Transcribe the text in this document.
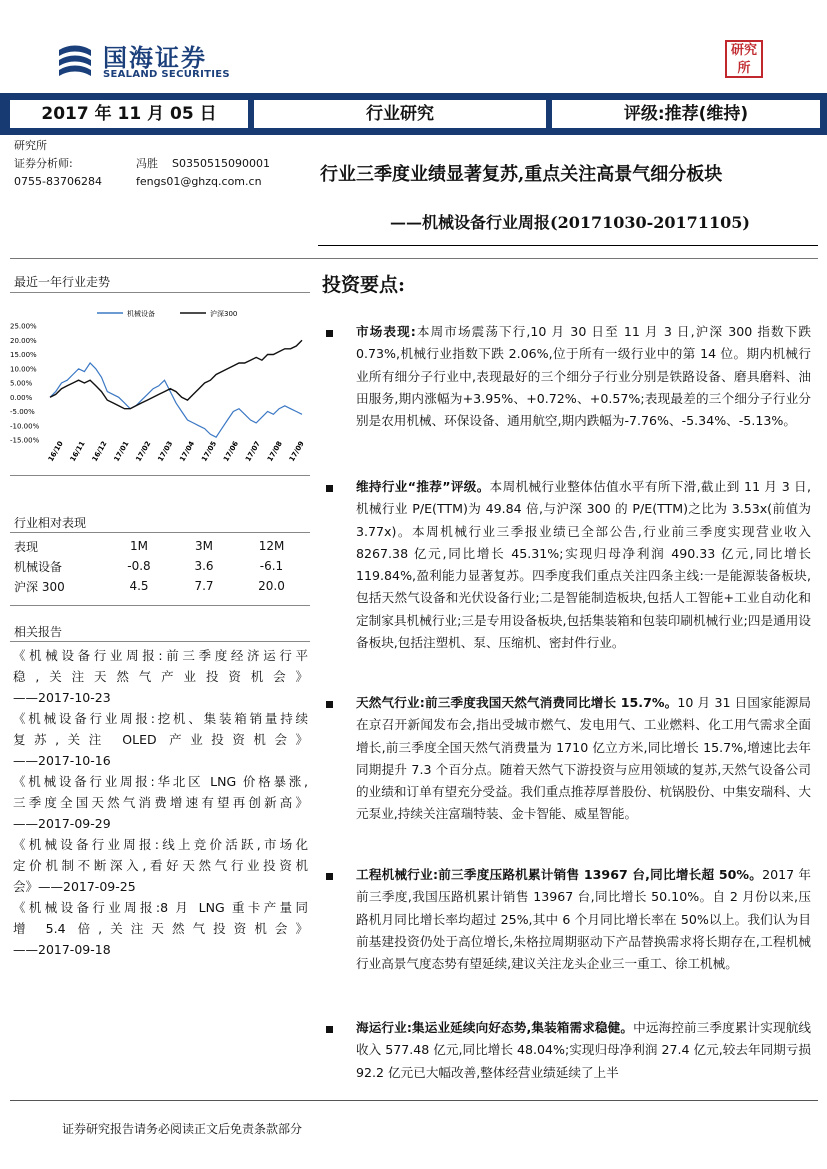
国海证券
SEALAND SECURITIES
研究所
2017 年 11 月 05 日	行业研究	评级:推荐(维持)
研究所
证券分析师:	冯胜 S0350515090001
0755-83706284	fengs01@ghzq.com.cn	行业三季度业绩显著复苏,重点关注高景气细分板块
——机械设备行业周报(20171030-20171105)
最近一年行业走势
机械设备	沪深300
25.00%
20.00%
15.00%
10.00%
5.00%
0.00%
-5.00%
-10.00%
-15.00% 16/10 16/11 16/12 17/01 17/02 17/03 17/04 17/05 17/06 17/07 17/08 17/09
行业相对表现
表现	1M	3M	12M
机械设备	-0.8	3.6	-6.1
沪深 300	4.5	7.7	20.0
相关报告
《机械设备行业周报:前三季度经济运行平
稳,关注天然气产业投资机会》
——2017-10-23
《机械设备行业周报:挖机、集装箱销量持续
复苏,关注 OLED 产业投资机会》
——2017-10-16
《机械设备行业周报:华北区 LNG 价格暴涨,
三季度全国天然气消费增速有望再创新高》
——2017-09-29
《机械设备行业周报:线上竞价活跃,市场化
定价机制不断深入,看好天然气行业投资机
会》——2017-09-25
《机械设备行业周报:8 月 LNG 重卡产量同
增 5.4 倍,关注天然气投资机会》
——2017-09-18
投资要点:
市场表现:本周市场震荡下行,10 月 30 日至 11 月 3 日,沪深 300 指数下跌 0.73%,机械行业指数下跌 2.06%,位于所有一级行业中的第 14 位。期内机械行业所有细分子行业中,表现最好的三个细分子行业分别是铁路设备、磨具磨料、油田服务,期内涨幅为+3.95%、+0.72%、+0.57%;表现最差的三个细分子行业分别是农用机械、环保设备、通用航空,期内跌幅为-7.76%、-5.34%、-5.13%。
维持行业“推荐”评级。本周机械行业整体估值水平有所下滑,截止到 11 月 3 日,机械行业 P/E(TTM)为 49.84 倍,与沪深 300 的 P/E(TTM)之比为 3.53x(前值为 3.77x)。本周机械行业三季报业绩已全部公告,行业前三季度实现营业收入 8267.38 亿元,同比增长 45.31%;实现归母净利润 490.33 亿元,同比增长 119.84%,盈利能力显著复苏。四季度我们重点关注四条主线:一是能源装备板块,包括天然气设备和光伏设备行业;二是智能制造板块,包括人工智能+工业自动化和定制家具机械行业;三是专用设备板块,包括集装箱和包装印刷机械行业;四是通用设备板块,包括注塑机、泵、压缩机、密封件行业。
天然气行业:前三季度我国天然气消费同比增长 15.7%。10 月 31 日国家能源局在京召开新闻发布会,指出受城市燃气、发电用气、工业燃料、化工用气需求全面增长,前三季度全国天然气消费量为 1710 亿立方米,同比增长 15.7%,增速比去年同期提升 7.3 个百分点。随着天然气下游投资与应用领域的复苏,天然气设备公司的业绩和订单有望充分受益。我们重点推荐厚普股份、杭锅股份、中集安瑞科、大元泵业,持续关注富瑞特装、金卡智能、威星智能。
工程机械行业:前三季度压路机累计销售 13967 台,同比增长超 50%。2017 年前三季度,我国压路机累计销售 13967 台,同比增长 50.10%。自 2 月份以来,压路机月同比增长率均超过 25%,其中 6 个月同比增长率在 50%以上。我们认为目前基建投资仍处于高位增长,朱格拉周期驱动下产品替换需求将长期存在,工程机械行业高景气度态势有望延续,建议关注龙头企业三一重工、徐工机械。
海运行业:集运业延续向好态势,集装箱需求稳健。中远海控前三季度累计实现航线收入 577.48 亿元,同比增长 48.04%;实现归母净利润 27.4 亿元,较去年同期亏损 92.2 亿元已大幅改善,整体经营业绩延续了上半
证券研究报告请务必阅读正文后免责条款部分
